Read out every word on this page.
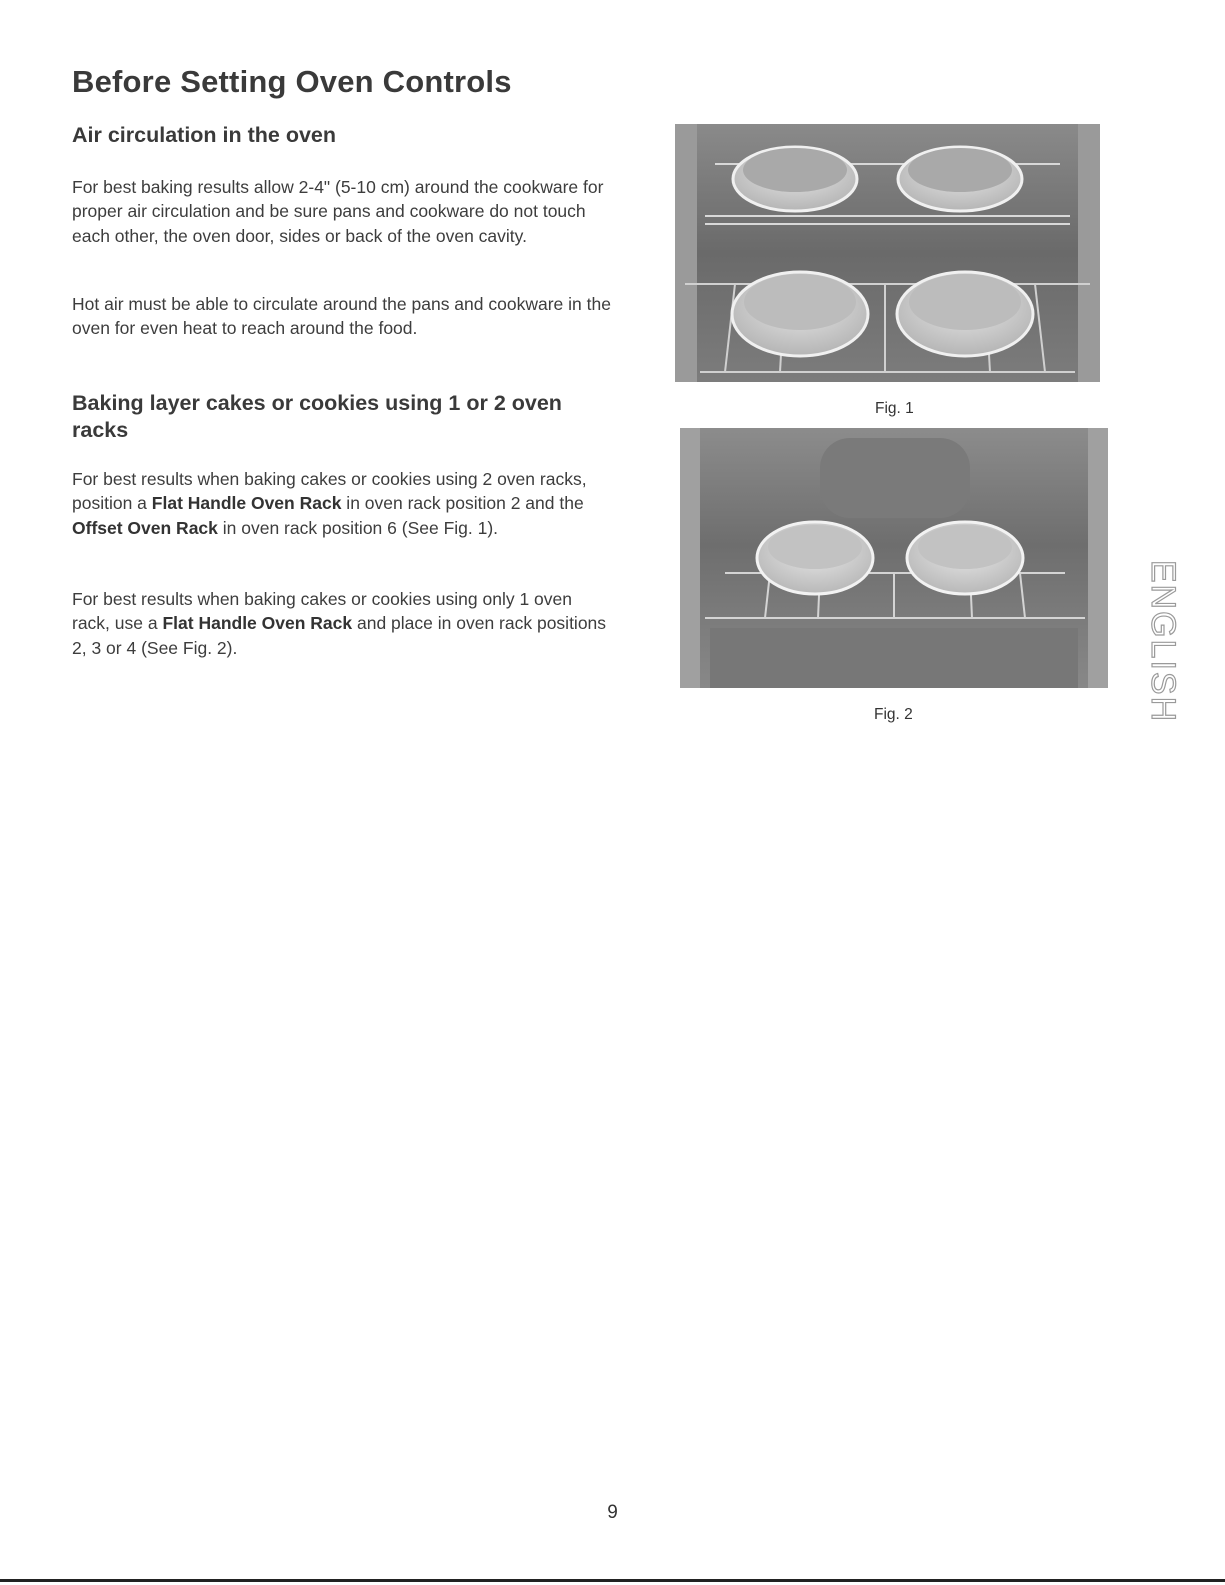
Before Setting Oven Controls
Air circulation in the oven

For best baking results allow 2-4" (5-10 cm) around the cookware for proper air circulation and be sure pans and cookware do not touch each other, the oven door, sides or back of the oven cavity.

Hot air must be able to circulate around the pans and cookware in the oven for even heat to reach around the food.

Baking layer cakes or cookies using 1 or 2 oven racks

For best results when baking cakes or cookies using 2 oven racks, position a Flat Handle Oven Rack in oven rack position 2 and the Offset Oven Rack in oven rack position 6 (See Fig. 1).

For best results when baking cakes or cookies using only 1 oven rack, use a Flat Handle Oven Rack and place in oven rack positions 2, 3 or 4 (See Fig. 2).

Fig. 1

Fig. 2	ENGLISH
9
